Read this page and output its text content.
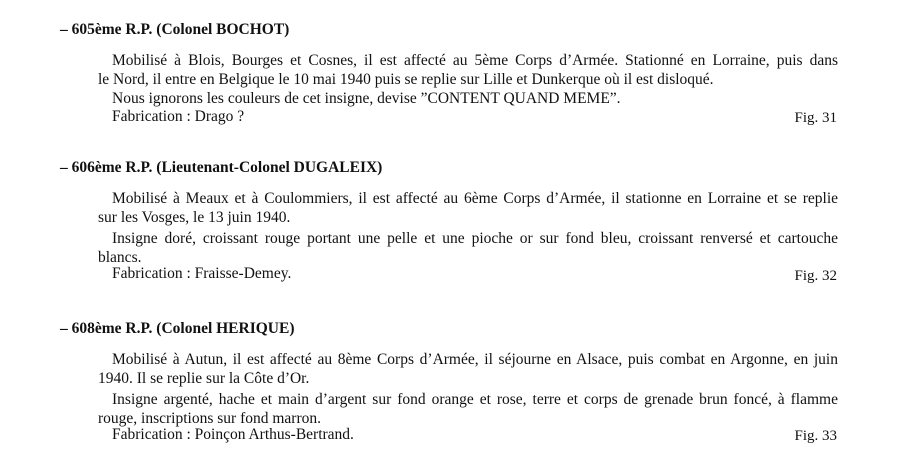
– 605ème R.P. (Colonel BOCHOT)
Mobilisé à Blois, Bourges et Cosnes, il est affecté au 5ème Corps d’Armée. Stationné en Lorraine, puis dans
le Nord, il entre en Belgique le 10 mai 1940 puis se replie sur Lille et Dunkerque où il est disloqué.
Nous ignorons les couleurs de cet insigne, devise ”CONTENT QUAND MEME”.
Fabrication : Drago ?	Fig. 31
– 606ème R.P. (Lieutenant-Colonel DUGALEIX)
Mobilisé à Meaux et à Coulommiers, il est affecté au 6ème Corps d’Armée, il stationne en Lorraine et se replie
sur les Vosges, le 13 juin 1940.
Insigne doré, croissant rouge portant une pelle et une pioche or sur fond bleu, croissant renversé et cartouche
blancs.
Fabrication : Fraisse-Demey.	Fig. 32
– 608ème R.P. (Colonel HERIQUE)
Mobilisé à Autun, il est affecté au 8ème Corps d’Armée, il séjourne en Alsace, puis combat en Argonne, en juin
1940. Il se replie sur la Côte d’Or.
Insigne argenté, hache et main d’argent sur fond orange et rose, terre et corps de grenade brun foncé, à flamme
rouge, inscriptions sur fond marron.
Fabrication : Poinçon Arthus-Bertrand.	Fig. 33
